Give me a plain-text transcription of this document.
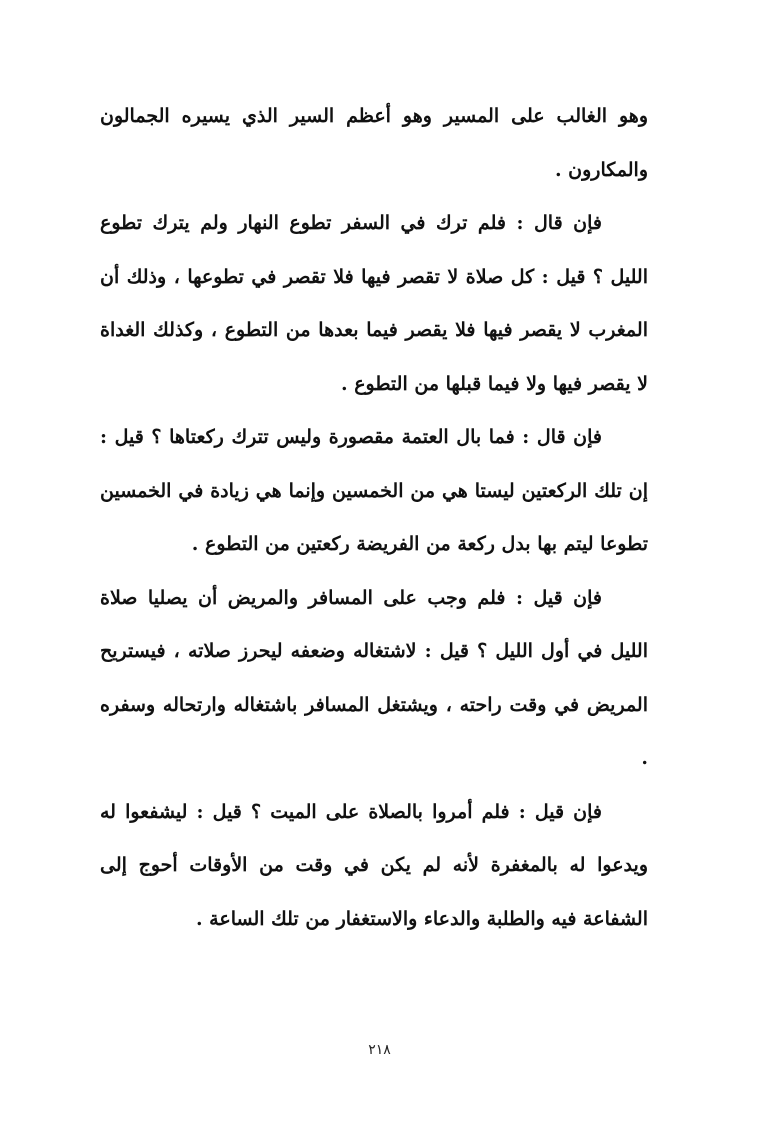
وهو الغالب على المسير وهو أعظم السير الذي يسيره الجمالون والمكارون .

فإن قال : فلم ترك في السفر تطوع النهار ولم يترك تطوع الليل ؟ قيل : كل صلاة لا تقصر فيها فلا تقصر في تطوعها ، وذلك أن المغرب لا يقصر فيها فلا يقصر فيما بعدها من التطوع ، وكذلك الغداة لا يقصر فيها ولا فيما قبلها من التطوع .

فإن قال : فما بال العتمة مقصورة وليس تترك ركعتاها ؟ قيل : إن تلك الركعتين ليستا هي من الخمسين وإنما هي زيادة في الخمسين تطوعا ليتم بها بدل ركعة من الفريضة ركعتين من التطوع .

فإن قيل : فلم وجب على المسافر والمريض أن يصليا صلاة الليل في أول الليل ؟ قيل : لاشتغاله وضعفه ليحرز صلاته ، فيستريح المريض في وقت راحته ، ويشتغل المسافر باشتغاله وارتحاله وسفره .

فإن قيل : فلم أمروا بالصلاة على الميت ؟ قيل : ليشفعوا له ويدعوا له بالمغفرة لأنه لم يكن في وقت من الأوقات أحوج إلى الشفاعة فيه والطلبة والدعاء والاستغفار من تلك الساعة .

٢١٨
